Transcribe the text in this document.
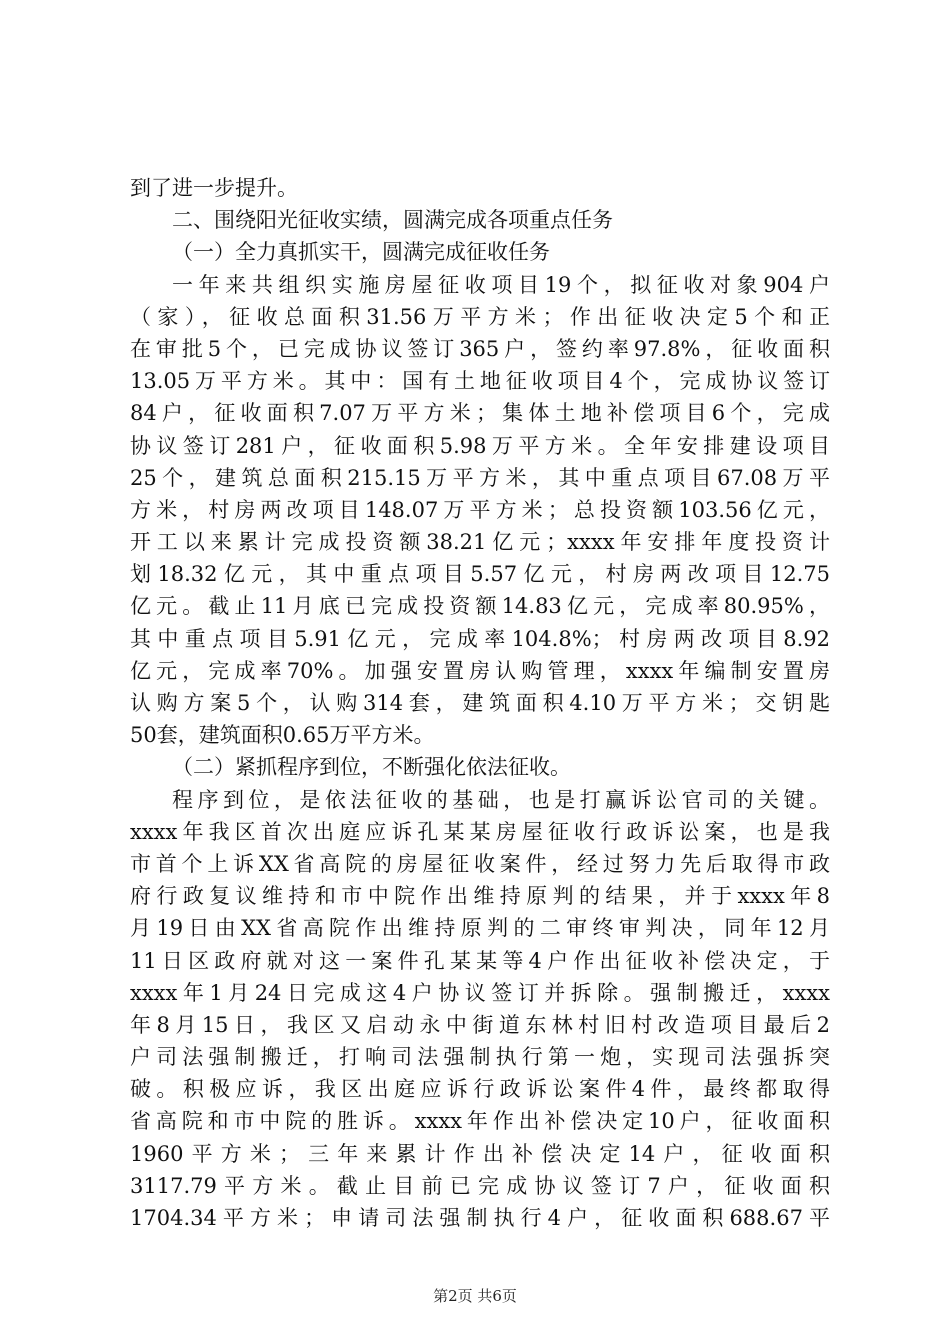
到了进一步提升。
二、围绕阳光征收实绩，圆满完成各项重点任务
（一）全力真抓实干，圆满完成征收任务
一年来共组织实施房屋征收项目19个，拟征收对象904户
（家），征收总面积31.56万平方米；作出征收决定5个和正
在审批5个，已完成协议签订365户，签约率97.8%，征收面积
13.05万平方米。其中：国有土地征收项目4个，完成协议签订
84户，征收面积7.07万平方米；集体土地补偿项目6个，完成
协议签订281户，征收面积5.98万平方米。全年安排建设项目
25个，建筑总面积215.15万平方米，其中重点项目67.08万平
方米，村房两改项目148.07万平方米；总投资额103.56亿元，
开工以来累计完成投资额38.21亿元；xxxx年安排年度投资计
划18.32亿元，其中重点项目5.57亿元，村房两改项目12.75
亿元。截止11月底已完成投资额14.83亿元，完成率80.95%，
其中重点项目5.91亿元，完成率104.8%；村房两改项目8.92
亿元，完成率70%。加强安置房认购管理，xxxx年编制安置房
认购方案5个，认购314套，建筑面积4.10万平方米；交钥匙
50套，建筑面积0.65万平方米。
（二）紧抓程序到位，不断强化依法征收。
程序到位，是依法征收的基础，也是打赢诉讼官司的关键。
xxxx年我区首次出庭应诉孔某某房屋征收行政诉讼案，也是我
市首个上诉XX省高院的房屋征收案件，经过努力先后取得市政
府行政复议维持和市中院作出维持原判的结果，并于xxxx年8
月19日由XX省高院作出维持原判的二审终审判决，同年12月
11日区政府就对这一案件孔某某等4户作出征收补偿决定，于
xxxx年1月24日完成这4户协议签订并拆除。强制搬迁，xxxx
年8月15日，我区又启动永中街道东林村旧村改造项目最后2
户司法强制搬迁，打响司法强制执行第一炮，实现司法强拆突
破。积极应诉，我区出庭应诉行政诉讼案件4件，最终都取得
省高院和市中院的胜诉。xxxx年作出补偿决定10户，征收面积
1960平方米；三年来累计作出补偿决定14户，征收面积
3117.79平方米。截止目前已完成协议签订7户，征收面积
1704.34平方米；申请司法强制执行4户，征收面积688.67平
第2页 共6页
